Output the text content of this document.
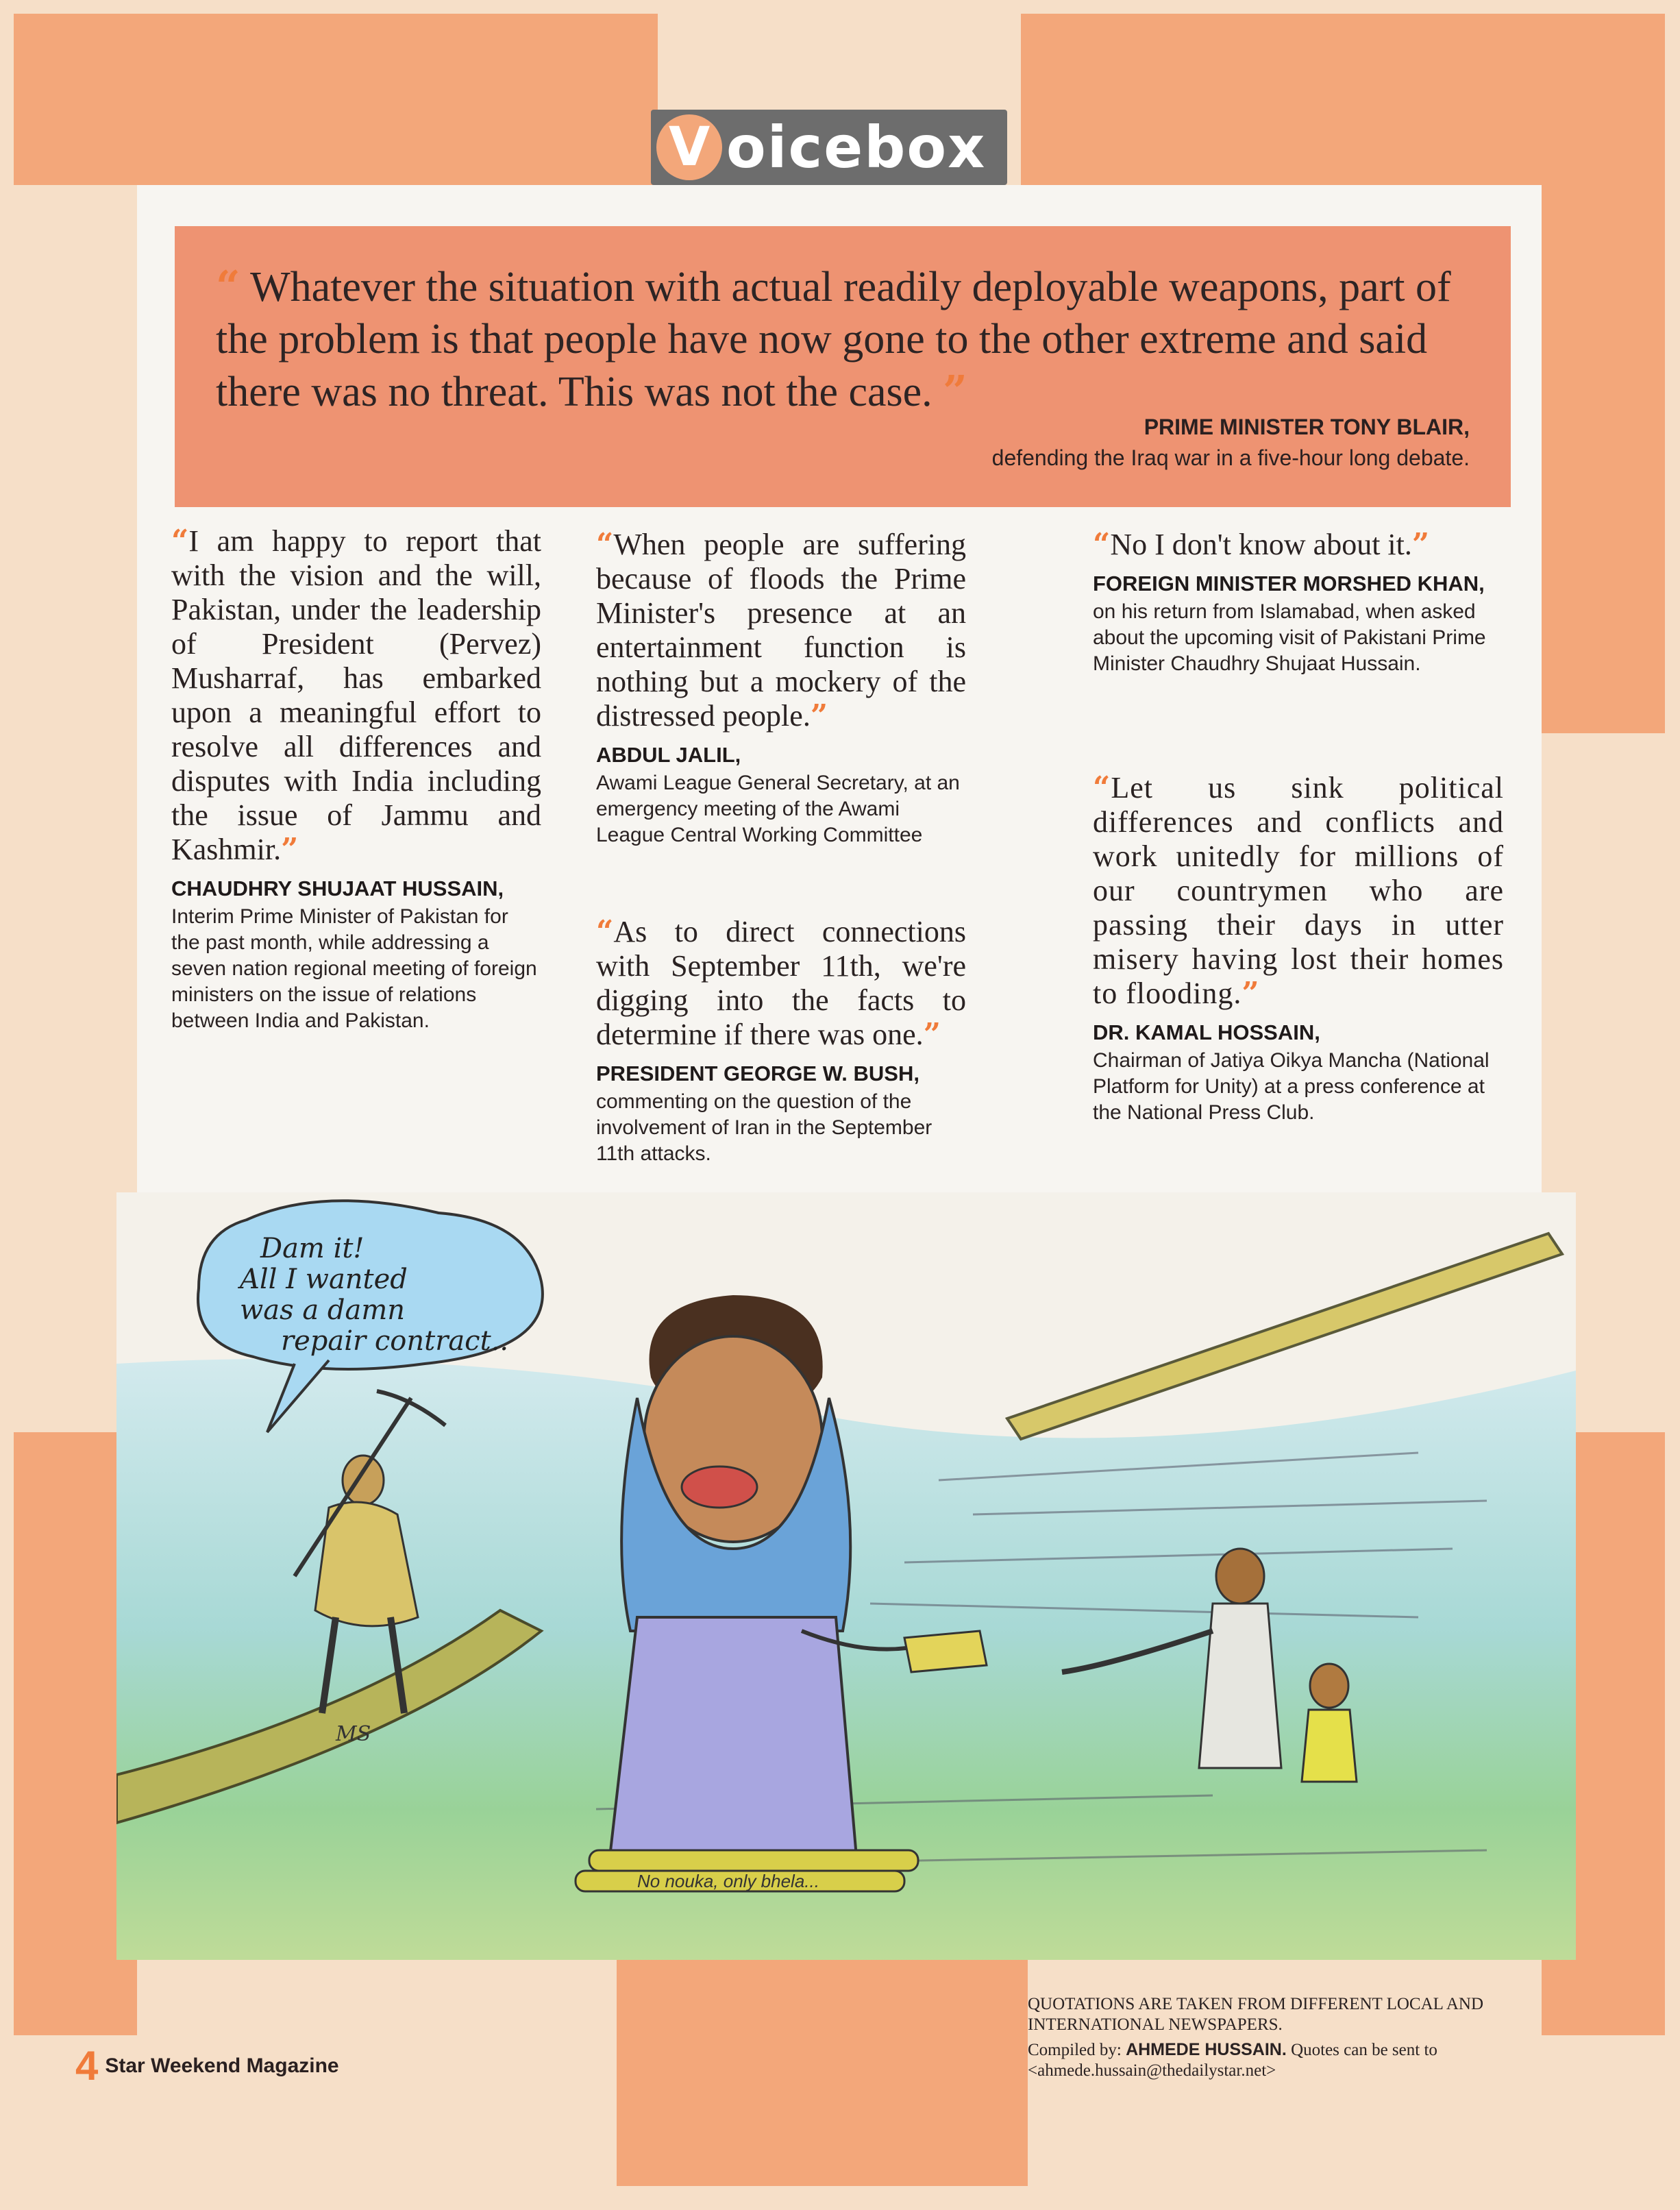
V oicebox
“ Whatever the situation with actual readily deployable weapons, part of the problem is that people have now gone to the other extreme and said there was no threat. This was not the case. ”
PRIME MINISTER TONY BLAIR,
defending the Iraq war in a five-hour long debate.
“I am happy to report that with the vision and the will, Pakistan, under the leadership of President (Pervez) Musharraf, has embarked upon a meaningful effort to resolve all differences and disputes with India including the issue of Jammu and Kashmir.”
CHAUDHRY SHUJAAT HUSSAIN,
Interim Prime Minister of Pakistan for the past month, while addressing a seven nation regional meeting of foreign ministers on the issue of relations between India and Pakistan.
“When people are suffering because of floods the Prime Minister's presence at an entertainment function is nothing but a mockery of the distressed people.”
ABDUL JALIL,
Awami League General Secretary, at an emergency meeting of the Awami League Central Working Committee
“As to direct connections with September 11th, we're digging into the facts to determine if there was one.”
PRESIDENT GEORGE W. BUSH,
commenting on the question of the involvement of Iran in the September 11th attacks.
“No I don't know about it.”
FOREIGN MINISTER MORSHED KHAN,
on his return from Islamabad, when asked about the upcoming visit of Pakistani Prime Minister Chaudhry Shujaat Hussain.
“Let us sink political differences and conflicts and work unitedly for millions of our countrymen who are passing their days in utter misery having lost their homes to flooding.”
DR. KAMAL HOSSAIN,
Chairman of Jatiya Oikya Mancha (National Platform for Unity) at a press conference at the National Press Club.
Dam it!
All I wanted
was a damn
repair contract..
No nouka, only bhela...
MS
QUOTATIONS ARE TAKEN FROM DIFFERENT LOCAL AND INTERNATIONAL NEWSPAPERS.
Compiled by: AHMEDE HUSSAIN. Quotes can be sent to <ahmede.hussain@thedailystar.net>
4 Star Weekend Magazine
